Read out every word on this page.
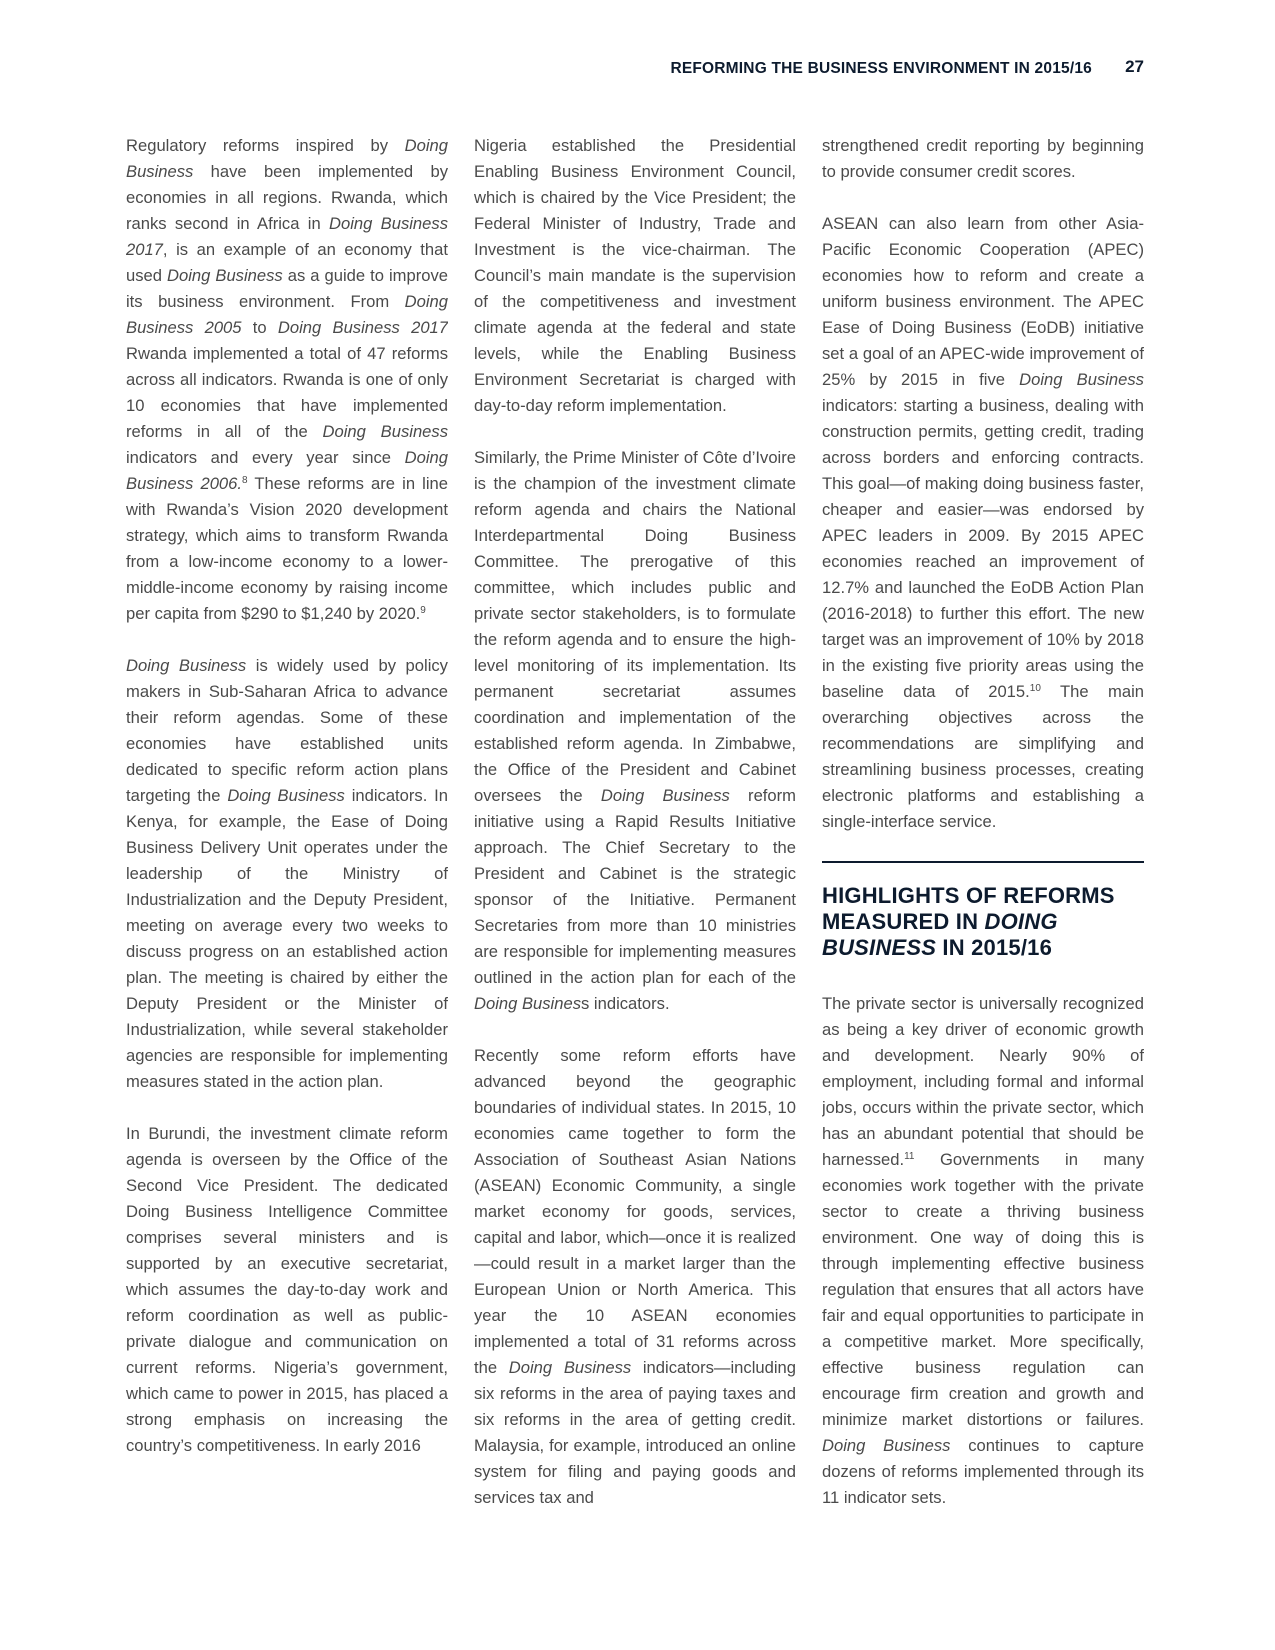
REFORMING THE BUSINESS ENVIRONMENT IN 2015/16 27

Regulatory reforms inspired by Doing Business have been implemented by economies in all regions. Rwanda, which ranks second in Africa in Doing Business 2017, is an example of an economy that used Doing Business as a guide to improve its business environment. From Doing Business 2005 to Doing Business 2017 Rwanda implemented a total of 47 reforms across all indicators. Rwanda is one of only 10 economies that have implemented reforms in all of the Doing Business indicators and every year since Doing Business 2006.$^8$ These reforms are in line with Rwanda’s Vision 2020 development strategy, which aims to transform Rwanda from a low-income economy to a lower-middle-income economy by raising income per capita from $290 to $1,240 by 2020.$^9$

Doing Business is widely used by policy makers in Sub-Saharan Africa to advance their reform agendas. Some of these economies have established units dedicated to specific reform action plans targeting the Doing Business indicators. In Kenya, for example, the Ease of Doing Business Delivery Unit operates under the leadership of the Ministry of Industrialization and the Deputy President, meeting on average every two weeks to discuss progress on an established action plan. The meeting is chaired by either the Deputy President or the Minister of Industrialization, while several stakeholder agencies are responsible for implementing measures stated in the action plan.

In Burundi, the investment climate reform agenda is overseen by the Office of the Second Vice President. The dedicated Doing Business Intelligence Committee comprises several ministers and is supported by an executive secretariat, which assumes the day-to-day work and reform coordination as well as public-private dialogue and communication on current reforms. Nigeria’s government, which came to power in 2015, has placed a strong emphasis on increasing the country’s competitiveness. In early 2016

Nigeria established the Presidential Enabling Business Environment Council, which is chaired by the Vice President; the Federal Minister of Industry, Trade and Investment is the vice-chairman. The Council’s main mandate is the supervision of the competitiveness and investment climate agenda at the federal and state levels, while the Enabling Business Environment Secretariat is charged with day-to-day reform implementation.

Similarly, the Prime Minister of Côte d’Ivoire is the champion of the investment climate reform agenda and chairs the National Interdepartmental Doing Business Committee. The prerogative of this committee, which includes public and private sector stakeholders, is to formulate the reform agenda and to ensure the high-level monitoring of its implementation. Its permanent secretariat assumes coordination and implementation of the established reform agenda. In Zimbabwe, the Office of the President and Cabinet oversees the Doing Business reform initiative using a Rapid Results Initiative approach. The Chief Secretary to the President and Cabinet is the strategic sponsor of the Initiative. Permanent Secretaries from more than 10 ministries are responsible for implementing measures outlined in the action plan for each of the Doing Business indicators.

Recently some reform efforts have advanced beyond the geographic boundaries of individual states. In 2015, 10 economies came together to form the Association of Southeast Asian Nations (ASEAN) Economic Community, a single market economy for goods, services, capital and labor, which—once it is realized—could result in a market larger than the European Union or North America. This year the 10 ASEAN economies implemented a total of 31 reforms across the Doing Business indicators—including six reforms in the area of paying taxes and six reforms in the area of getting credit. Malaysia, for example, introduced an online system for filing and paying goods and services tax and

strengthened credit reporting by beginning to provide consumer credit scores.

ASEAN can also learn from other Asia-Pacific Economic Cooperation (APEC) economies how to reform and create a uniform business environment. The APEC Ease of Doing Business (EoDB) initiative set a goal of an APEC-wide improvement of 25% by 2015 in five Doing Business indicators: starting a business, dealing with construction permits, getting credit, trading across borders and enforcing contracts. This goal—of making doing business faster, cheaper and easier—was endorsed by APEC leaders in 2009. By 2015 APEC economies reached an improvement of 12.7% and launched the EoDB Action Plan (2016-2018) to further this effort. The new target was an improvement of 10% by 2018 in the existing five priority areas using the baseline data of 2015.10 The main overarching objectives across the recommendations are simplifying and streamlining business processes, creating electronic platforms and establishing a single-interface service.

HIGHLIGHTS OF REFORMS MEASURED IN DOING BUSINESS IN 2015/16

The private sector is universally recognized as being a key driver of economic growth and development. Nearly 90% of employment, including formal and informal jobs, occurs within the private sector, which has an abundant potential that should be harnessed.$^{11}$ Governments in many economies work together with the private sector to create a thriving business environment. One way of doing this is through implementing effective business regulation that ensures that all actors have fair and equal opportunities to participate in a competitive market. More specifically, effective business regulation can encourage firm creation and growth and minimize market distortions or failures. Doing Business continues to capture dozens of reforms implemented through its 11 indicator sets.
